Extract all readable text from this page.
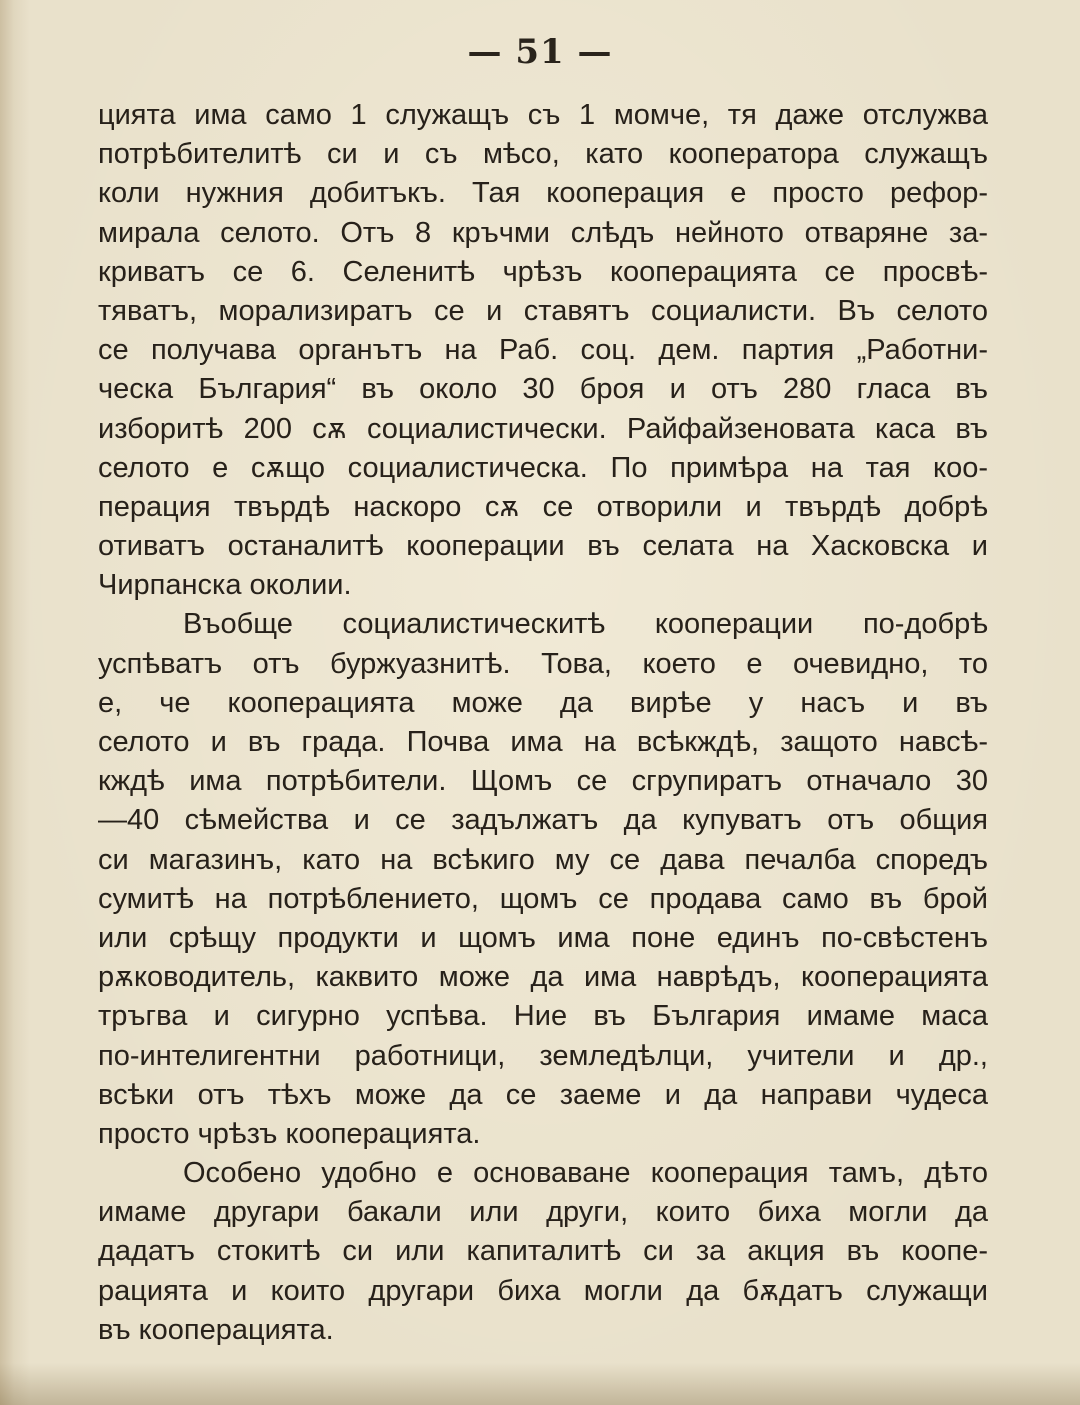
— 51 —
цията има само 1 служащъ съ 1 момче, тя даже отслужва
потрѣбителитѣ си и съ мѣсо, като кооператора служащъ
коли нужния добитъкъ. Тая кооперация е просто рефор-
мирала селото. Отъ 8 кръчми слѣдъ нейното отваряне за-
криватъ се 6. Селенитѣ чрѣзъ кооперацията се просвѣ-
тяватъ, морализиратъ се и ставятъ социалисти. Въ селото
се получава органътъ на Раб. соц. дем. партия „Работни-
ческа България“ въ около 30 броя и отъ 280 гласа въ
изборитѣ 200 сѫ социалистически. Райфайзеновата каса въ
селото е сѫщо социалистическа. По примѣра на тая коо-
перация твърдѣ наскоро сѫ се отворили и твърдѣ добрѣ
отиватъ останалитѣ кооперации въ селата на Хасковска и
Чирпанска околии.
Въобще социалистическитѣ кооперации по-добрѣ
успѣватъ отъ буржуазнитѣ. Това, което е очевидно, то
е, че кооперацията може да вирѣе у насъ и въ
селото и въ града. Почва има на всѣкждѣ, защото навсѣ-
кждѣ има потрѣбители. Щомъ се сгрупиратъ отначало 30
—40 сѣмейства и се задължатъ да купуватъ отъ общия
си магазинъ, като на всѣкиго му се дава печалба споредъ
сумитѣ на потрѣблението, щомъ се продава само въ брой
или срѣщу продукти и щомъ има поне единъ по-свѣстенъ
рѫководитель, каквито може да има наврѣдъ, кооперацията
тръгва и сигурно успѣва. Ние въ България имаме маса
по-интелигентни работници, земледѣлци, учители и др.,
всѣки отъ тѣхъ може да се заеме и да направи чудеса
просто чрѣзъ кооперацията.
Особено удобно е основаване кооперация тамъ, дѣто
имаме другари бакали или други, които биха могли да
дадатъ стокитѣ си или капиталитѣ си за акция въ коопе-
рацията и които другари биха могли да бѫдатъ служащи
въ кооперацията.
